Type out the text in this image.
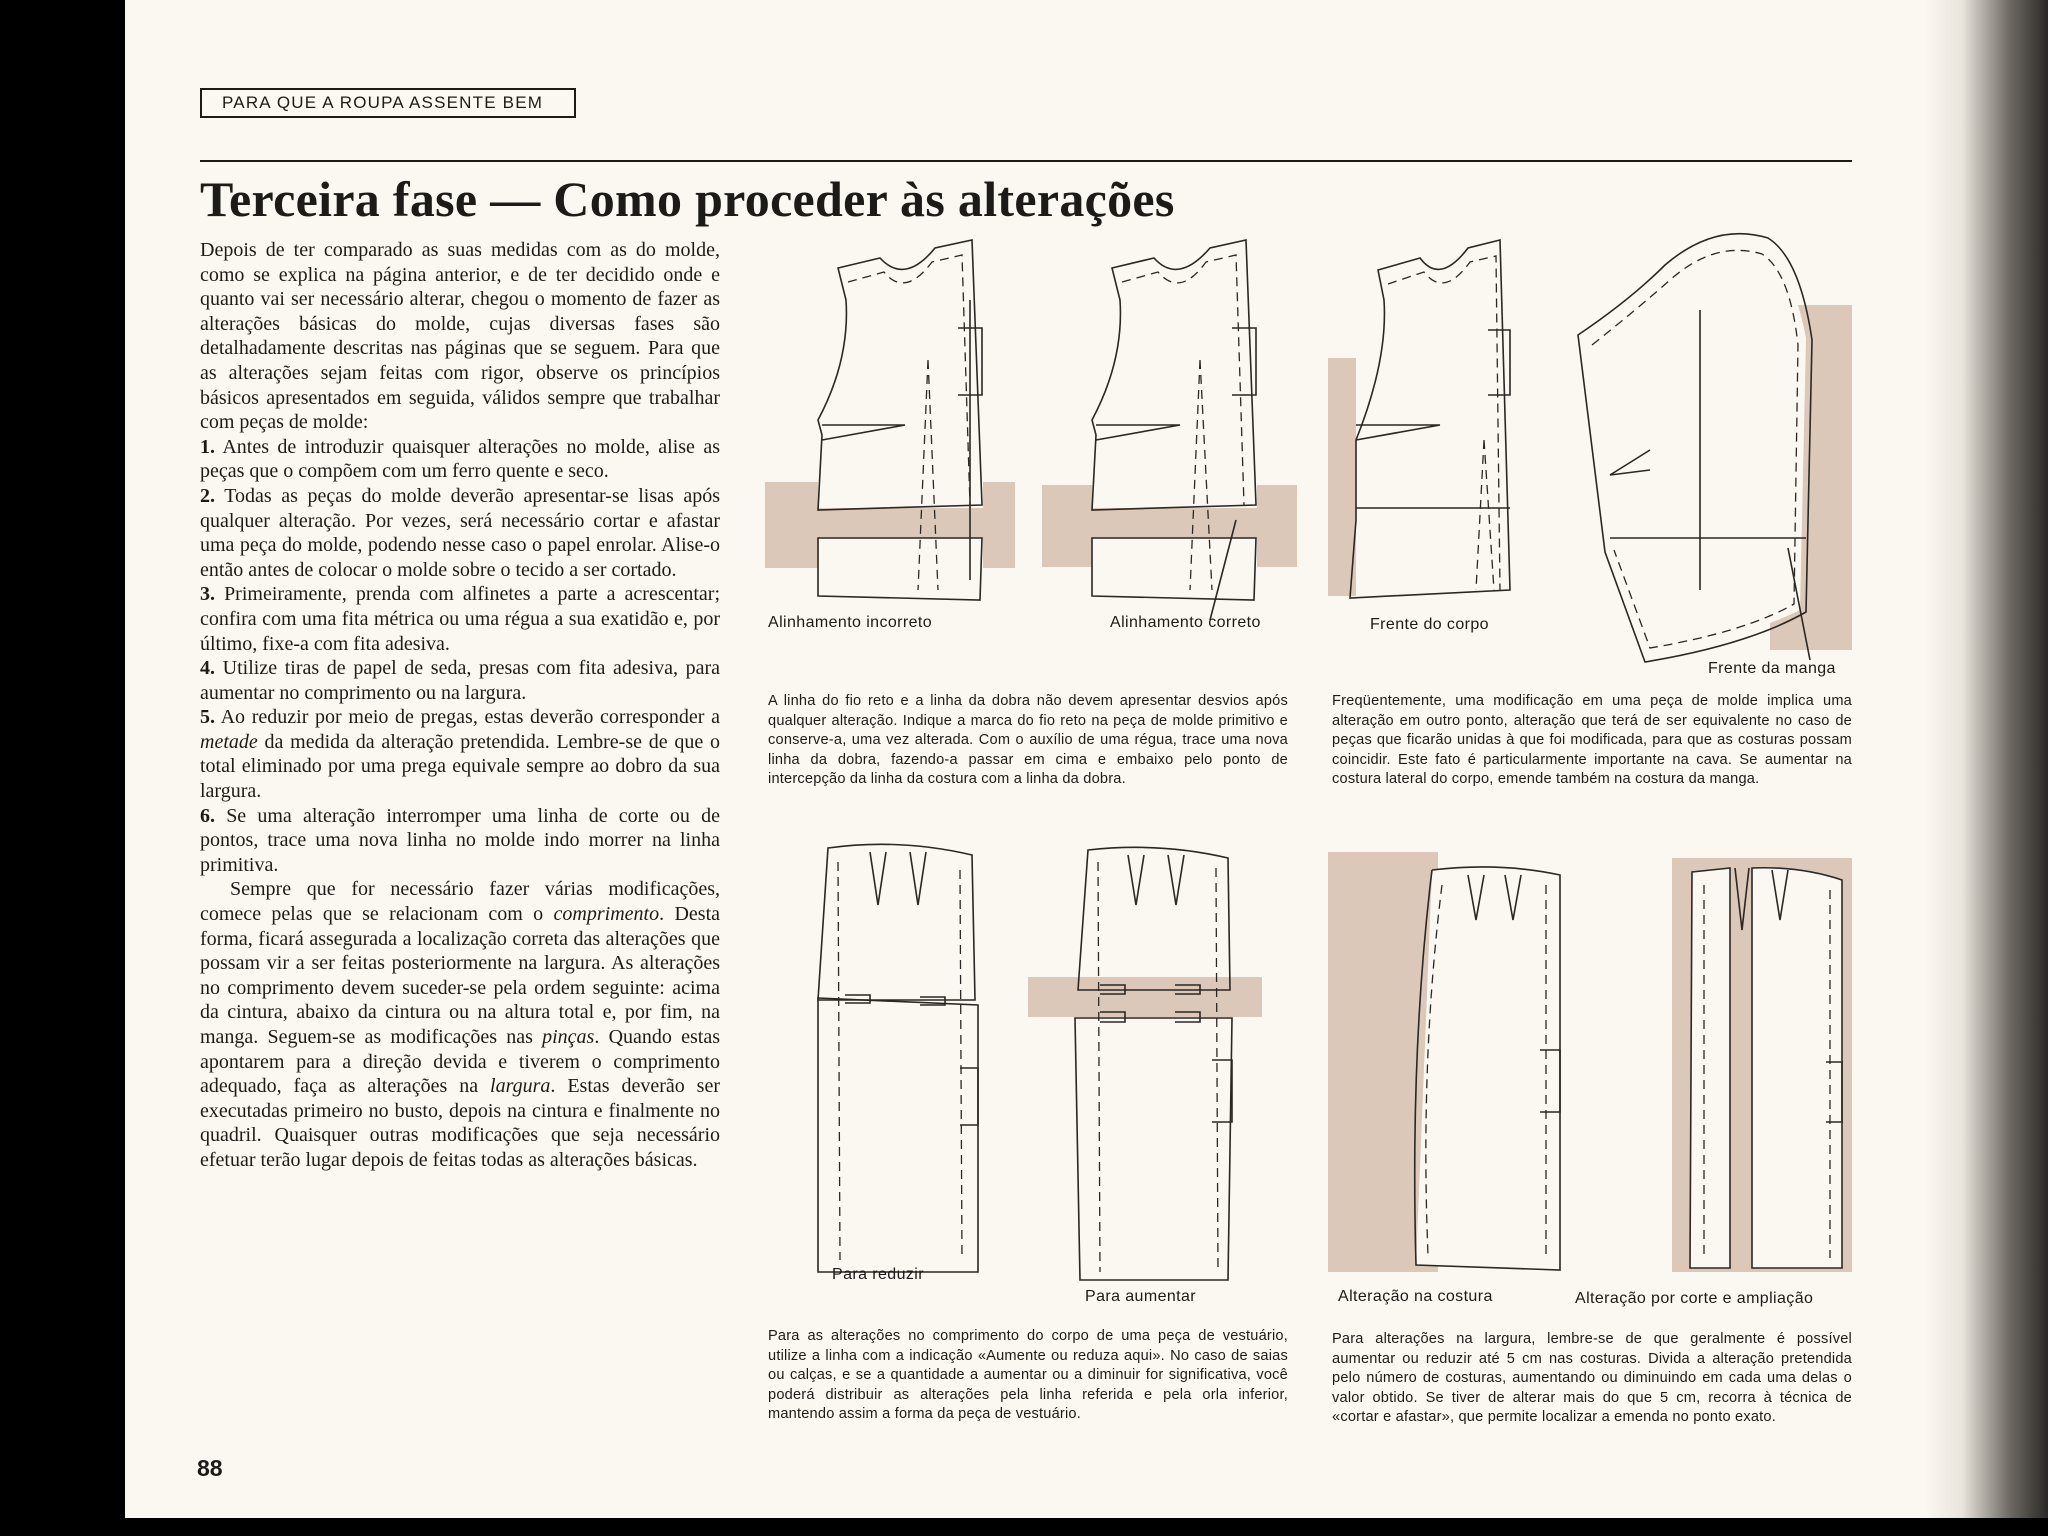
PARA QUE A ROUPA ASSENTE BEM
Terceira fase — Como proceder às alterações

Depois de ter comparado as suas medidas com as do molde, como se explica na página anterior, e de ter decidido onde e quanto vai ser necessário alterar, chegou o momento de fazer as alterações básicas do molde, cujas diversas fases são detalhadamente descritas nas páginas que se seguem. Para que as alterações sejam feitas com rigor, observe os princípios básicos apresentados em seguida, válidos sempre que trabalhar com peças de molde:

1. Antes de introduzir quaisquer alterações no molde, alise as peças que o compõem com um ferro quente e seco.

2. Todas as peças do molde deverão apresentar-se lisas após qualquer alteração. Por vezes, será necessário cortar e afastar uma peça do molde, podendo nesse caso o papel enrolar. Alise-o então antes de colocar o molde sobre o tecido a ser cortado.

3. Primeiramente, prenda com alfinetes a parte a acrescentar; confira com uma fita métrica ou uma régua a sua exatidão e, por último, fixe-a com fita adesiva.

4. Utilize tiras de papel de seda, presas com fita adesiva, para aumentar no comprimento ou na largura.

5. Ao reduzir por meio de pregas, estas deverão corresponder a metade da medida da alteração pretendida. Lembre-se de que o total eliminado por uma prega equivale sempre ao dobro da sua largura.

6. Se uma alteração interromper uma linha de corte ou de pontos, trace uma nova linha no molde indo morrer na linha primitiva.

Sempre que for necessário fazer várias modificações, comece pelas que se relacionam com o comprimento. Desta forma, ficará assegurada a localização correta das alterações que possam vir a ser feitas posteriormente na largura. As alterações no comprimento devem suceder-se pela ordem seguinte: acima da cintura, abaixo da cintura ou na altura total e, por fim, na manga. Seguem-se as modificações nas pinças. Quando estas apontarem para a direção devida e tiverem o comprimento adequado, faça as alterações na largura. Estas deverão ser executadas primeiro no busto, depois na cintura e finalmente no quadril. Quaisquer outras modificações que seja necessário efetuar terão lugar depois de feitas todas as alterações básicas.

88
Alinhamento incorreto	Alinhamento correto	Frente do corpo
Frente da manga
Para reduzir
Para aumentar	Alteração na costura	Alteração por corte e ampliação
A linha do fio reto e a linha da dobra não devem apresentar desvios após qualquer alteração. Indique a marca do fio reto na peça de molde primitivo e conserve-a, uma vez alterada. Com o auxílio de uma régua, trace uma nova linha da dobra, fazendo-a passar em cima e embaixo pelo ponto de intercepção da linha da costura com a linha da dobra.
Freqüentemente, uma modificação em uma peça de molde implica uma alteração em outro ponto, alteração que terá de ser equivalente no caso de peças que ficarão unidas à que foi modificada, para que as costuras possam coincidir. Este fato é particularmente importante na cava. Se aumentar na costura lateral do corpo, emende também na costura da manga.
Para as alterações no comprimento do corpo de uma peça de vestuário, utilize a linha com a indicação «Aumente ou reduza aqui». No caso de saias ou calças, e se a quantidade a aumentar ou a diminuir for significativa, você poderá distribuir as alterações pela linha referida e pela orla inferior, mantendo assim a forma da peça de vestuário.
Para alterações na largura, lembre-se de que geralmente é possível aumentar ou reduzir até 5 cm nas costuras. Divida a alteração pretendida pelo número de costuras, aumentando ou diminuindo em cada uma delas o valor obtido. Se tiver de alterar mais do que 5 cm, recorra à técnica de «cortar e afastar», que permite localizar a emenda no ponto exato.
